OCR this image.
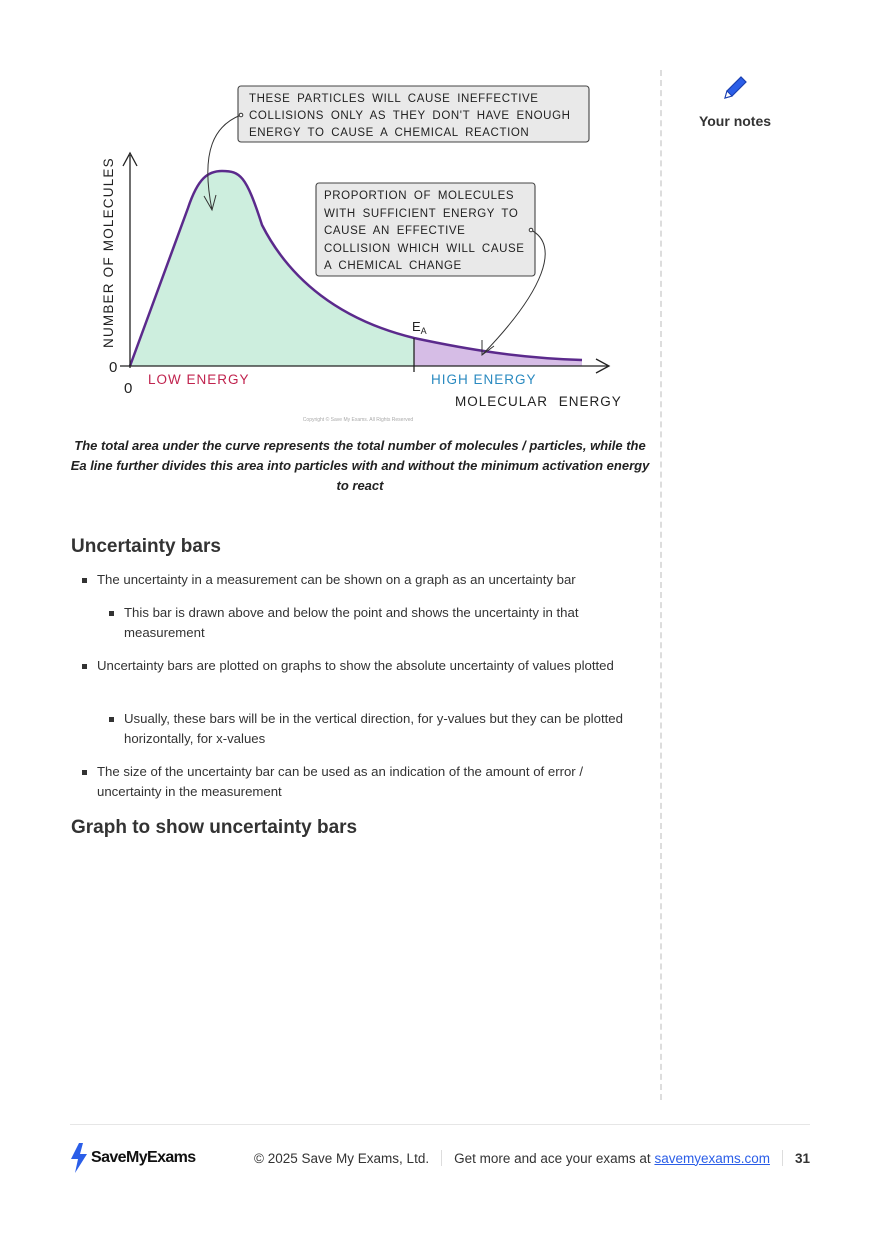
$E_A$
NUMBER OF MOLECULES
0
0
LOW ENERGY	HIGH ENERGY
MOLECULAR ENERGY
Copyright © Save My Exams. All Rights Reserved
THESE PARTICLES WILL CAUSE INEFFECTIVE
COLLISIONS ONLY AS THEY DON'T HAVE ENOUGH
ENERGY TO CAUSE A CHEMICAL REACTION
PROPORTION OF MOLECULES
WITH SUFFICIENT ENERGY TO
CAUSE AN EFFECTIVE
COLLISION WHICH WILL CAUSE
A CHEMICAL CHANGE
Your notes
The total area under the curve represents the total number of molecules / particles, while the Ea line further divides this area into particles with and without the minimum activation energy to react
Uncertainty bars
The uncertainty in a measurement can be shown on a graph as an uncertainty bar
This bar is drawn above and below the point and shows the uncertainty in that measurement
Uncertainty bars are plotted on graphs to show the absolute uncertainty of values plotted
Usually, these bars will be in the vertical direction, for y-values but they can be plotted horizontally, for x-values
The size of the uncertainty bar can be used as an indication of the amount of error / uncertainty in the measurement
Graph to show uncertainty bars
SaveMyExams	© 2025 Save My Exams, Ltd. Get more and ace your exams at savemyexams.com 31
